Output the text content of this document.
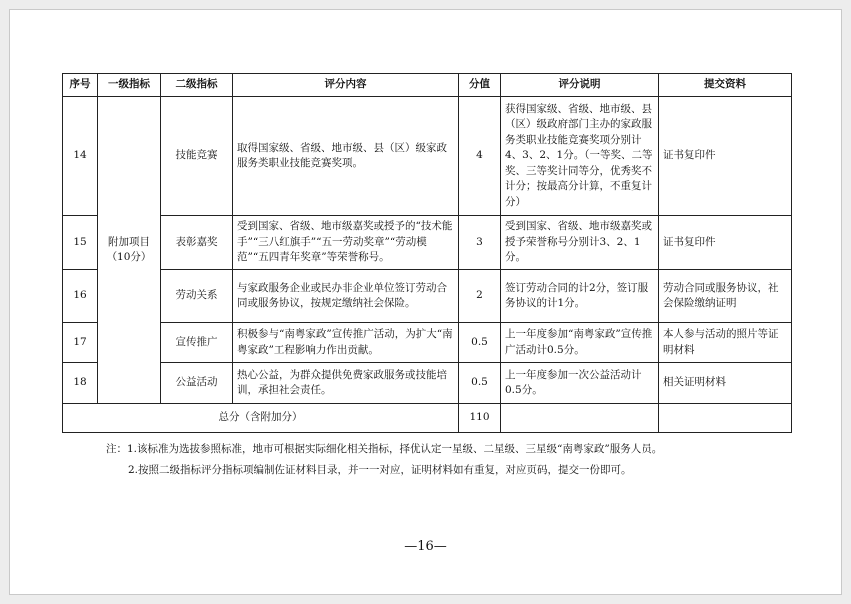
序号	一级指标	二级指标	评分内容	分值	评分说明	提交资料
14	附加项目（10分）	技能竞赛	取得国家级、省级、地市级、县（区）级家政服务类职业技能竞赛奖项。	4	获得国家级、省级、地市级、县（区）级政府部门主办的家政服务类职业技能竞赛奖项分别计4、3、2、1分。（一等奖、二等奖、三等奖计同等分，优秀奖不计分；按最高分计算，不重复计分）	证书复印件
15		表彰嘉奖	受到国家、省级、地市级嘉奖或授予的“技术能手”“三八红旗手”“五一劳动奖章”“劳动模范”“五四青年奖章”等荣誉称号。	3	受到国家、省级、地市级嘉奖或授予荣誉称号分别计3、2、1分。	证书复印件
16		劳动关系	与家政服务企业或民办非企业单位签订劳动合同或服务协议，按规定缴纳社会保险。	2	签订劳动合同的计2分，签订服务协议的计1分。	劳动合同或服务协议，社会保险缴纳证明
17		宣传推广	积极参与“南粤家政”宣传推广活动，为扩大“南粤家政”工程影响力作出贡献。	0.5	上一年度参加“南粤家政”宣传推广活动计0.5分。	本人参与活动的照片等证明材料
18		公益活动	热心公益，为群众提供免费家政服务或技能培训，承担社会责任。	0.5	上一年度参加一次公益活动计0.5分。	相关证明材料
总分（含附加分）				110		
注：1.该标准为选拔参照标准，地市可根据实际细化相关指标，择优认定一星级、二星级、三星级“南粤家政”服务人员。
2.按照二级指标评分指标项编制佐证材料目录，并一一对应，证明材料如有重复，对应页码，提交一份即可。
—16—
